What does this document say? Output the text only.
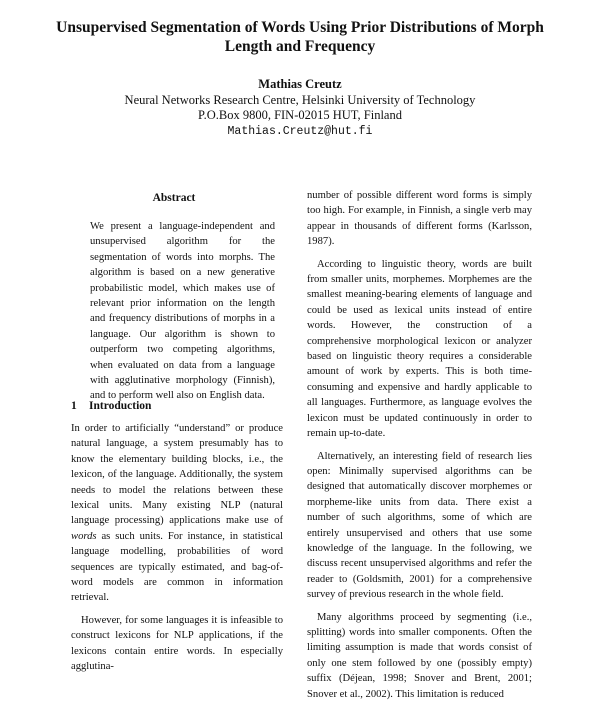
Unsupervised Segmentation of Words Using Prior Distributions of Morph Length and Frequency
Mathias Creutz
Neural Networks Research Centre, Helsinki University of Technology
P.O.Box 9800, FIN-02015 HUT, Finland
Mathias.Creutz@hut.fi
Abstract

We present a language-independent and unsupervised algorithm for the segmentation of words into morphs. The algorithm is based on a new generative probabilistic model, which makes use of relevant prior information on the length and frequency distributions of morphs in a language. Our algorithm is shown to outperform two competing algorithms, when evaluated on data from a language with agglutinative morphology (Finnish), and to perform well also on English data.

1 Introduction

In order to artificially “understand” or produce natural language, a system presumably has to know the elementary building blocks, i.e., the lexicon, of the language. Additionally, the system needs to model the relations between these lexical units. Many existing NLP (natural language processing) applications make use of words as such units. For instance, in statistical language modelling, probabilities of word sequences are typically estimated, and bag-of-word models are common in information retrieval.

However, for some languages it is infeasible to construct lexicons for NLP applications, if the lexicons contain entire words. In especially agglutina-

number of possible different word forms is simply too high. For example, in Finnish, a single verb may appear in thousands of different forms (Karlsson, 1987).

According to linguistic theory, words are built from smaller units, morphemes. Morphemes are the smallest meaning-bearing elements of language and could be used as lexical units instead of entire words. However, the construction of a comprehensive morphological lexicon or analyzer based on linguistic theory requires a considerable amount of work by experts. This is both time-consuming and expensive and hardly applicable to all languages. Furthermore, as language evolves the lexicon must be updated continuously in order to remain up-to-date.

Alternatively, an interesting field of research lies open: Minimally supervised algorithms can be designed that automatically discover morphemes or morpheme-like units from data. There exist a number of such algorithms, some of which are entirely unsupervised and others that use some knowledge of the language. In the following, we discuss recent unsupervised algorithms and refer the reader to (Goldsmith, 2001) for a comprehensive survey of previous research in the whole field.

Many algorithms proceed by segmenting (i.e., splitting) words into smaller components. Often the limiting assumption is made that words consist of only one stem followed by one (possibly empty) suffix (Déjean, 1998; Snover and Brent, 2001; Snover et al., 2002). This limitation is reduced
